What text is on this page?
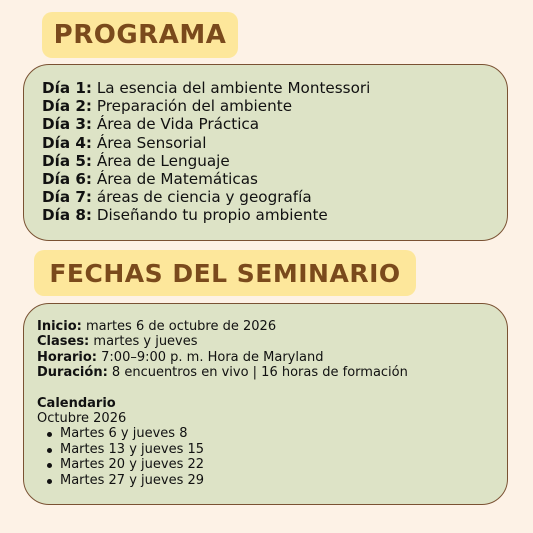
PROGRAMA
Día 1: La esencia del ambiente Montessori
Día 2: Preparación del ambiente
Día 3: Área de Vida Práctica
Día 4: Área Sensorial
Día 5: Área de Lenguaje
Día 6: Área de Matemáticas
Día 7: áreas de ciencia y geografía
Día 8: Diseñando tu propio ambiente
FECHAS DEL SEMINARIO
Inicio: martes 6 de octubre de 2026
Clases: martes y jueves
Horario: 7:00–9:00 p. m. Hora de Maryland
Duración: 8 encuentros en vivo | 16 horas de formación
Calendario
Octubre 2026
Martes 6 y jueves 8
Martes 13 y jueves 15
Martes 20 y jueves 22
Martes 27 y jueves 29
